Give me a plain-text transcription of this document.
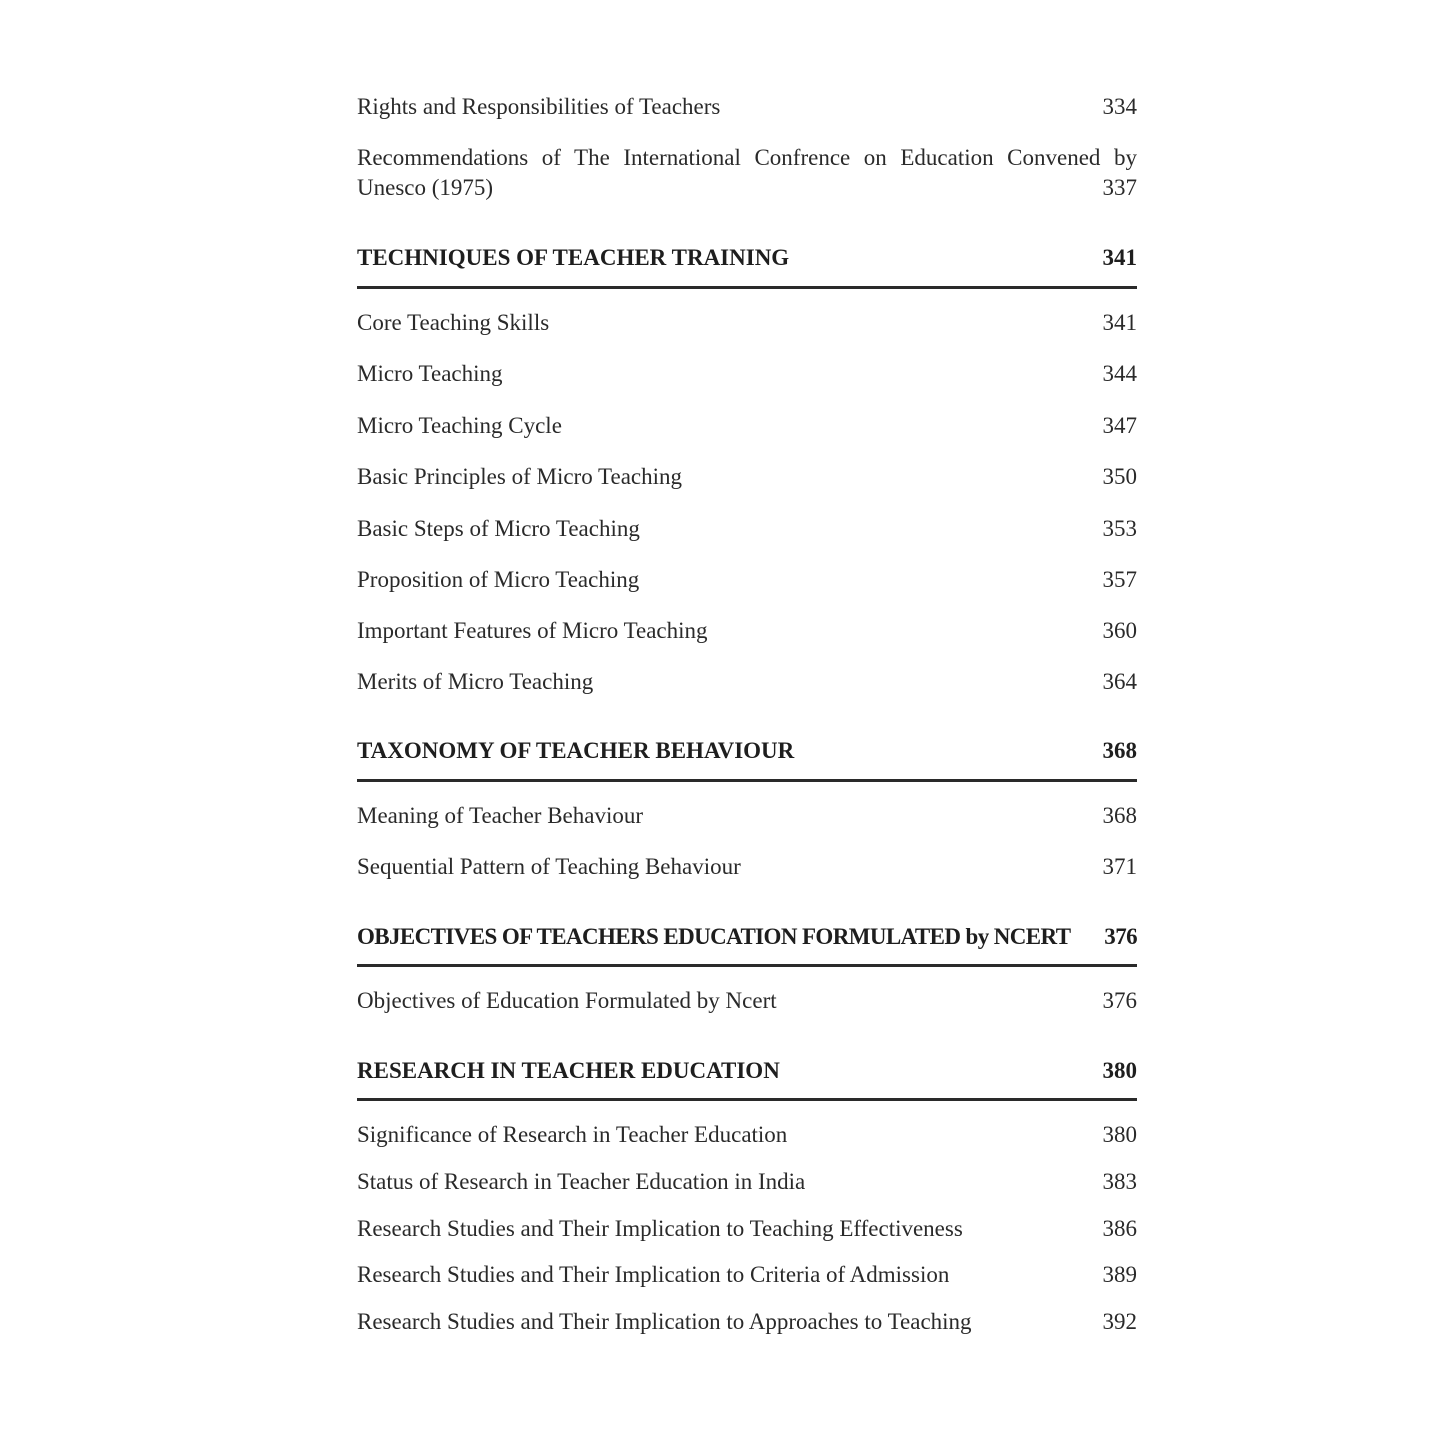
Rights and Responsibilities of Teachers	334
Recommendations of The International Confrence on Education Convened by Unesco (1975)	337
TECHNIQUES OF TEACHER TRAINING	341
Core Teaching Skills	341
Micro Teaching	344
Micro Teaching Cycle	347
Basic Principles of Micro Teaching	350
Basic Steps of Micro Teaching	353
Proposition of Micro Teaching	357
Important Features of Micro Teaching	360
Merits of Micro Teaching	364
TAXONOMY OF TEACHER BEHAVIOUR	368
Meaning of Teacher Behaviour	368
Sequential Pattern of Teaching Behaviour	371
OBJECTIVES OF TEACHERS EDUCATION FORMULATED by NCERT 376
Objectives of Education Formulated by Ncert	376
RESEARCH IN TEACHER EDUCATION	380
Significance of Research in Teacher Education	380
Status of Research in Teacher Education in India	383
Research Studies and Their Implication to Teaching Effectiveness	386
Research Studies and Their Implication to Criteria of Admission	389
Research Studies and Their Implication to Approaches to Teaching	392
